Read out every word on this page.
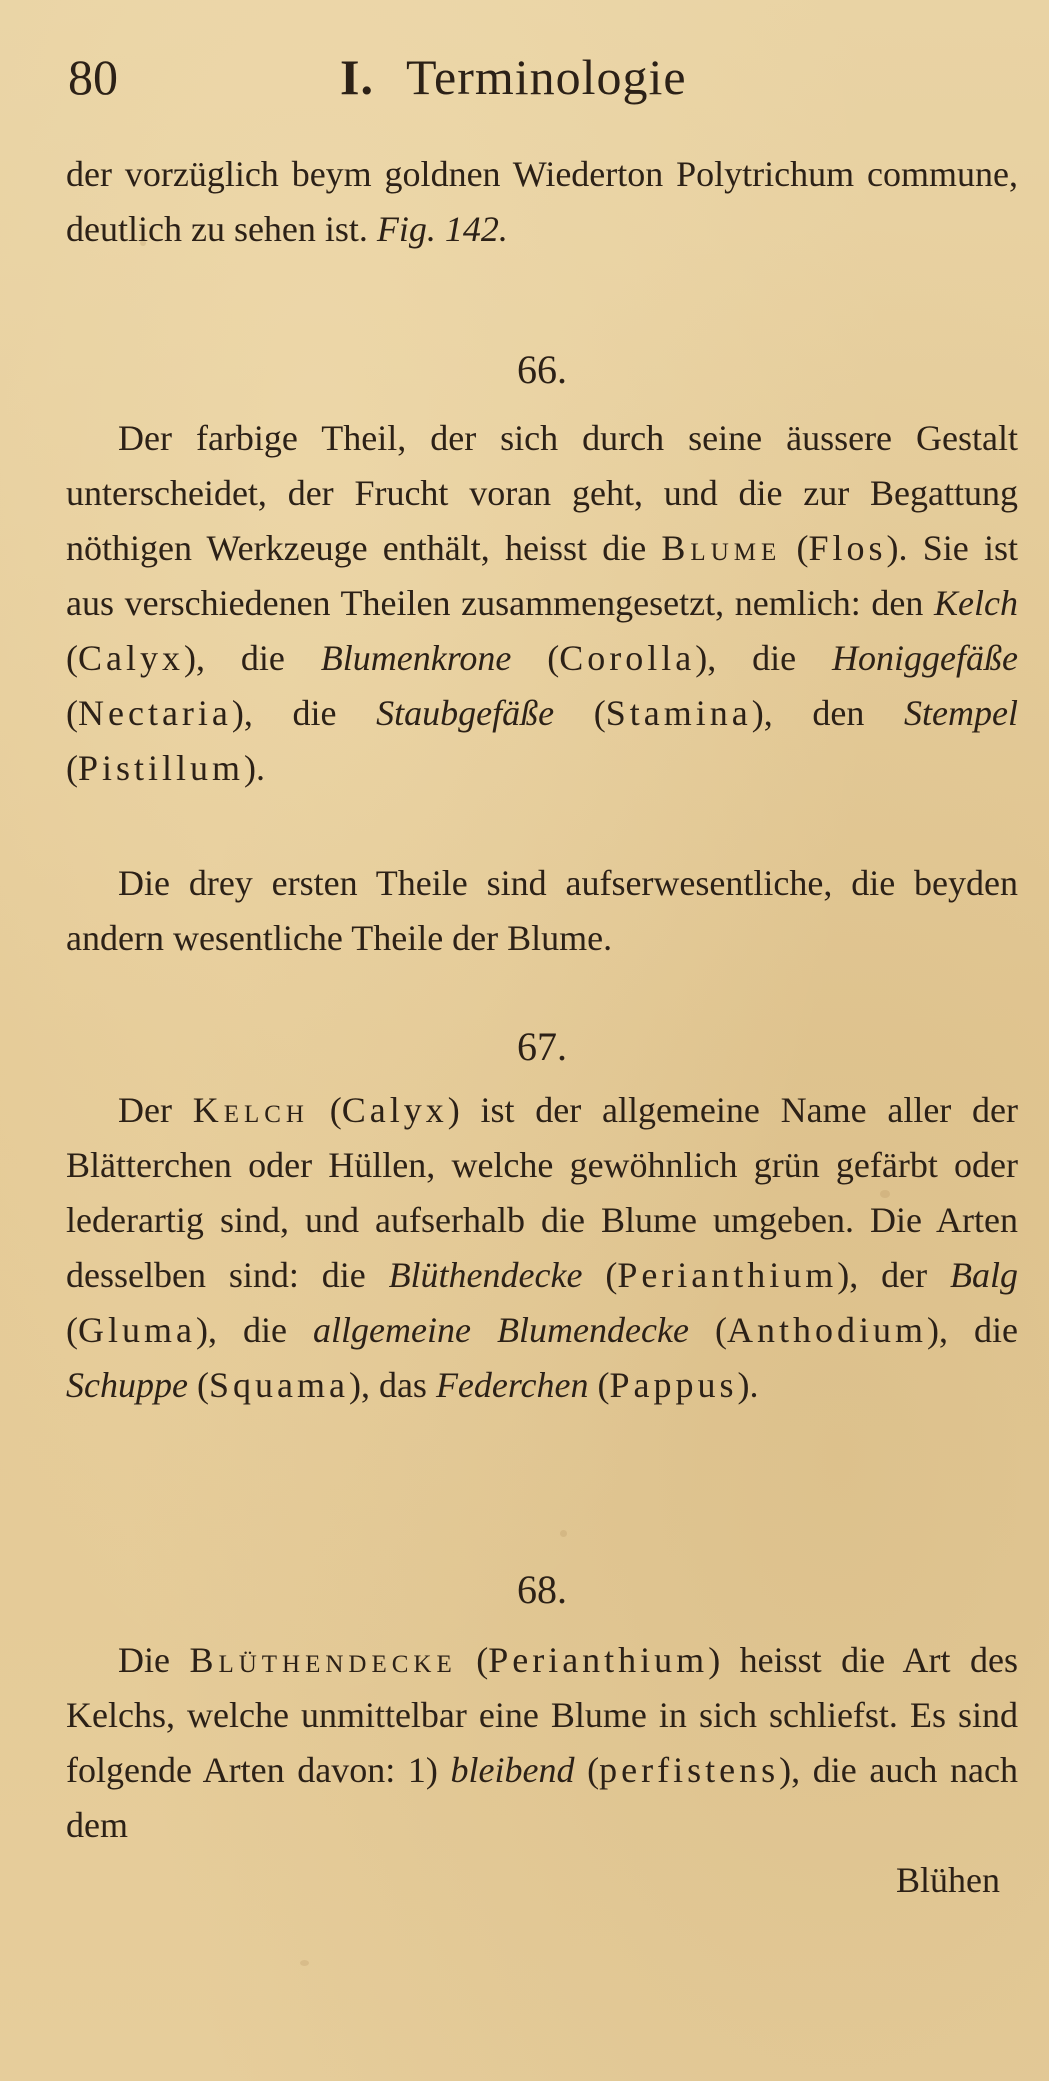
80	I. Terminologie

der vorzüglich beym goldnen Wiederton Polytrichum commune, deutlich zu sehen ist. Fig. 142.

66.

Der farbige Theil, der sich durch seine äussere Gestalt unterscheidet, der Frucht voran geht, und die zur Begattung nöthigen Werkzeuge enthält, heisst die Blume (Flos). Sie ist aus verschiedenen Theilen zusammengesetzt, nemlich: den Kelch (Calyx), die Blumenkrone (Corolla), die Honiggefäße (Nectaria), die Staubgefäße (Stamina), den Stempel (Pistillum).

Die drey ersten Theile sind aufserwesentliche, die beyden andern wesentliche Theile der Blume.

67.

Der Kelch (Calyx) ist der allgemeine Name aller der Blätterchen oder Hüllen, welche gewöhnlich grün gefärbt oder lederartig sind, und aufserhalb die Blume umgeben. Die Arten desselben sind: die Blüthendecke (Perianthium), der Balg (Gluma), die allgemeine Blumendecke (Anthodium), die Schuppe (Squama), das Federchen (Pappus).

68.

Die Blüthendecke (Perianthium) heisst die Art des Kelchs, welche unmittelbar eine Blume in sich schliefst. Es sind folgende Arten davon: 1) bleibend (perfistens), die auch nach dem

Blühen
